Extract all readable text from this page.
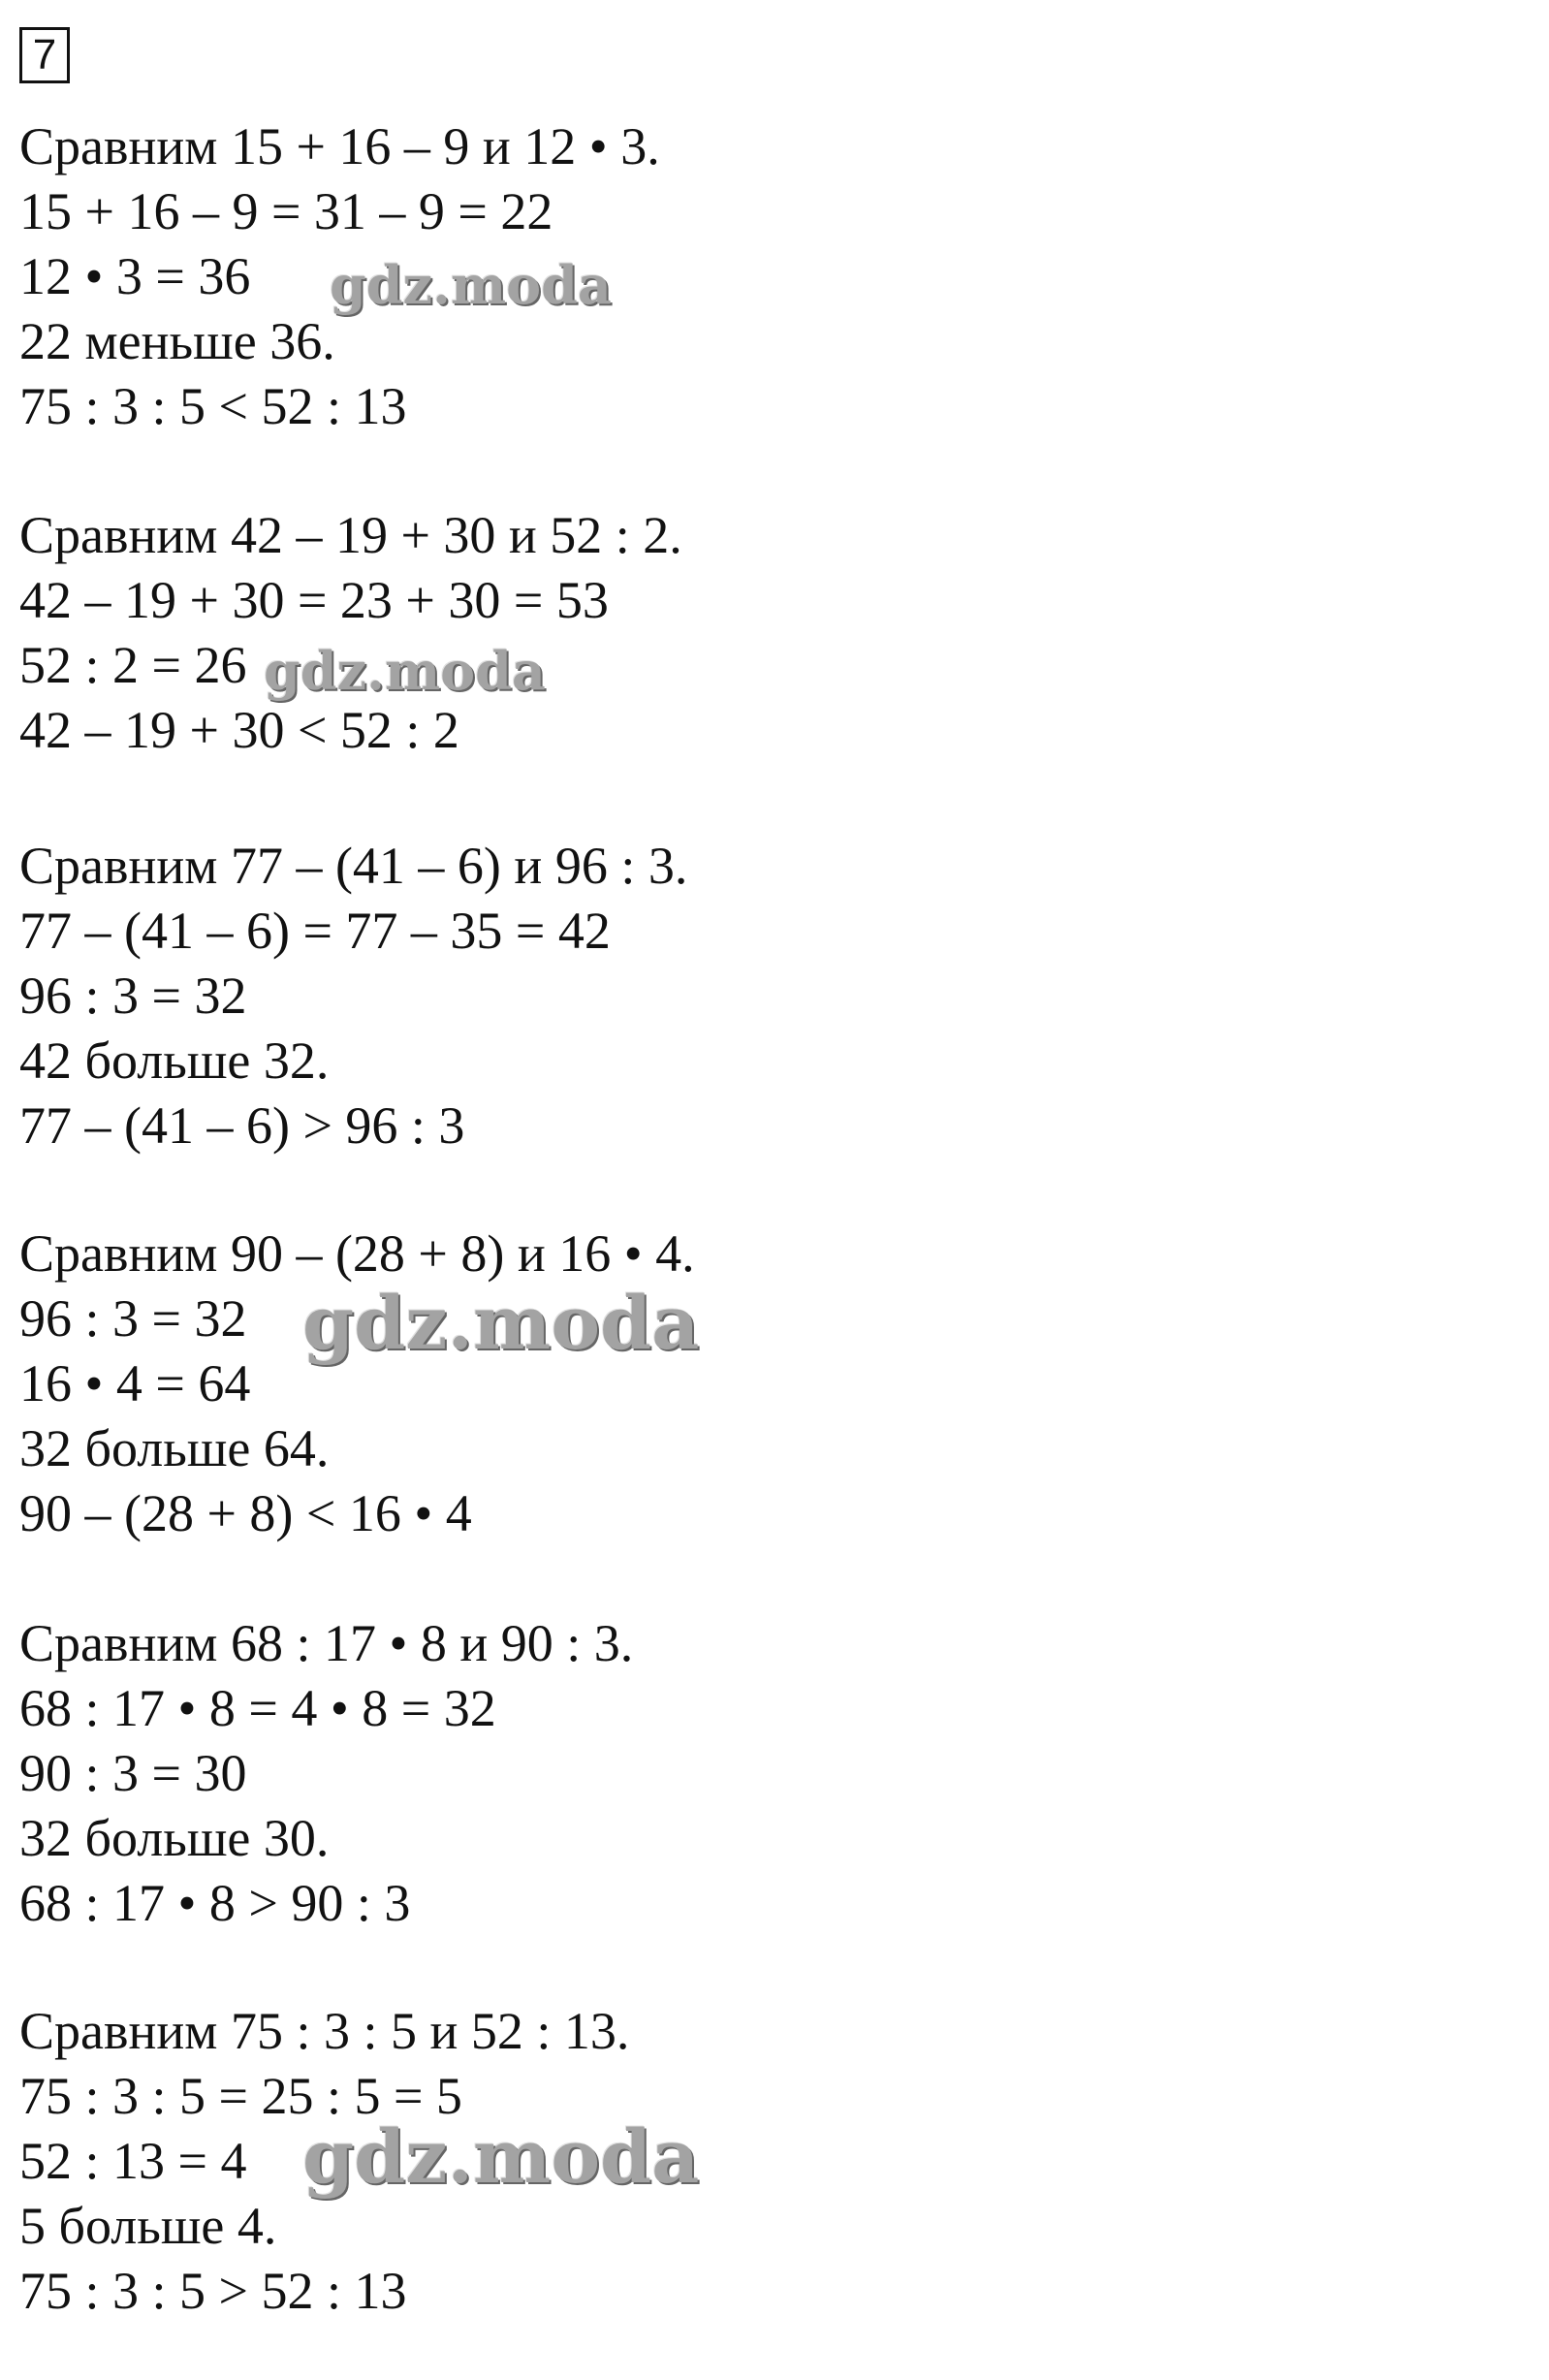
7
Сравним 15 + 16 – 9 и 12 • 3.
15 + 16 – 9 = 31 – 9 = 22
12 • 3 = 36
22 меньше 36.
75 : 3 : 5 < 52 : 13
Сравним 42 – 19 + 30 и 52 : 2.
42 – 19 + 30 = 23 + 30 = 53
52 : 2 = 26
42 – 19 + 30 < 52 : 2
Сравним 77 – (41 – 6) и 96 : 3.
77 – (41 – 6) = 77 – 35 = 42
96 : 3 = 32
42 больше 32.
77 – (41 – 6) > 96 : 3
Сравним 90 – (28 + 8) и 16 • 4.
96 : 3 = 32
16 • 4 = 64
32 больше 64.
90 – (28 + 8) < 16 • 4
Сравним 68 : 17 • 8 и 90 : 3.
68 : 17 • 8 = 4 • 8 = 32
90 : 3 = 30
32 больше 30.
68 : 17 • 8 > 90 : 3
Сравним 75 : 3 : 5 и 52 : 13.
75 : 3 : 5 = 25 : 5 = 5
52 : 13 = 4
5 больше 4.
75 : 3 : 5 > 52 : 13
gdz.moda
gdz.moda
gdz.moda
gdz.moda
